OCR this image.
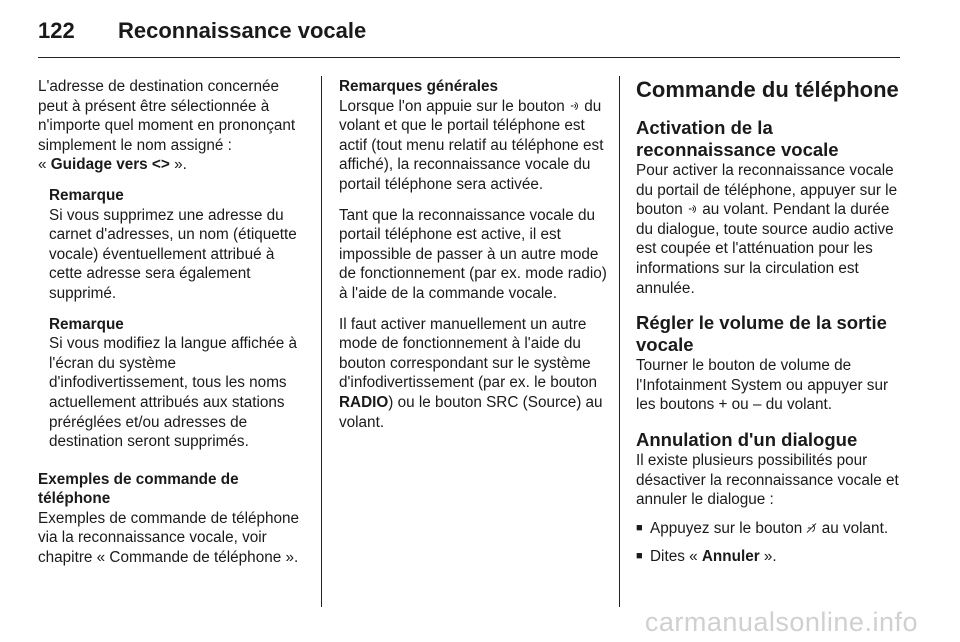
122	Reconnaissance vocale

L'adresse de destination concernée peut à présent être sélectionnée à n'importe quel moment en prononçant simplement le nom assigné :
« Guidage vers <> ».

Remarque
Si vous supprimez une adresse du carnet d'adresses, un nom (étiquette vocale) éventuellement attribué à cette adresse sera également supprimé.

Remarque
Si vous modifiez la langue affichée à l'écran du système d'infodivertissement, tous les noms actuellement attribués aux stations préréglées et/ou adresses de destination seront supprimés.

Exemples de commande de téléphone
Exemples de commande de téléphone via la reconnaissance vocale, voir chapitre « Commande de téléphone ».

Remarques générales
Lorsque l'on appuie sur le bouton du volant et que le portail téléphone est actif (tout menu relatif au téléphone est affiché), la reconnaissance vocale du portail téléphone sera activée.

Tant que la reconnaissance vocale du portail téléphone est active, il est impossible de passer à un autre mode de fonctionnement (par ex. mode radio) à l'aide de la commande vocale.

Il faut activer manuellement un autre mode de fonctionnement à l'aide du bouton correspondant sur le système d'infodivertissement (par ex. le bouton RADIO) ou le bouton SRC (Source) au volant.

Commande du téléphone
Activation de la reconnaissance vocale
Pour activer la reconnaissance vocale du portail de téléphone, appuyer sur le bouton au volant. Pendant la durée du dialogue, toute source audio active est coupée et l'atténuation pour les informations sur la circulation est annulée.
Régler le volume de la sortie vocale
Tourner le bouton de volume de l'Infotainment System ou appuyer sur les boutons + ou – du volant.
Annulation d'un dialogue

Il existe plusieurs possibilités pour désactiver la reconnaissance vocale et annuler le dialogue :

■ Appuyez sur le bouton au volant.
■ Dites « Annuler ».
carmanualsonline.info
